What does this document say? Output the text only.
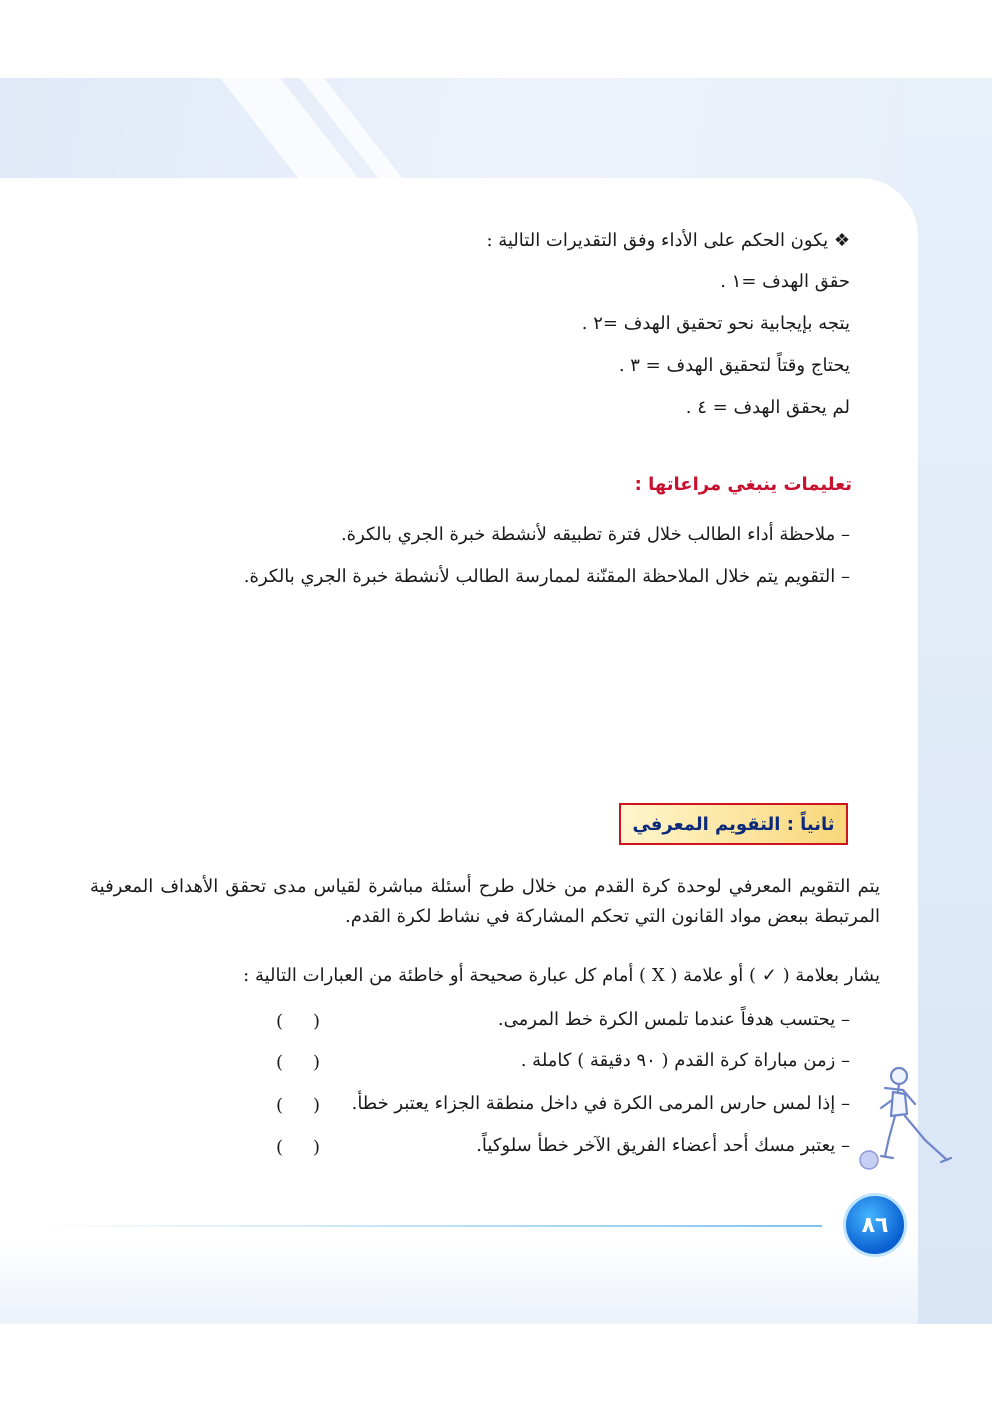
❖ يكون الحكم على الأداء وفق التقديرات التالية :
حقق الهدف =١ .
يتجه بإيجابية نحو تحقيق الهدف =٢ .
يحتاج وقتاً لتحقيق الهدف = ٣ .
لم يحقق الهدف = ٤ .
تعليمات ينبغي مراعاتها :
– ملاحظة أداء الطالب خلال فترة تطبيقه لأنشطة خبرة الجري بالكرة.
– التقويم يتم خلال الملاحظة المقنّنة لممارسة الطالب لأنشطة خبرة الجري بالكرة.
ثانياً : التقويم المعرفي
يتم التقويم المعرفي لوحدة كرة القدم من خلال طرح أسئلة مباشرة لقياس مدى تحقق الأهداف المعرفية المرتبطة ببعض مواد القانون التي تحكم المشاركة في نشاط لكرة القدم.
يشار بعلامة ( ✓ ) أو علامة ( X ) أمام كل عبارة صحيحة أو خاطئة من العبارات التالية :
– يحتسب هدفاً عندما تلمس الكرة خط المرمى.
( )
– زمن مباراة كرة القدم ( ٩٠ دقيقة ) كاملة .
( )
– إذا لمس حارس المرمى الكرة في داخل منطقة الجزاء يعتبر خطأ.
( )
– يعتبر مسك أحد أعضاء الفريق الآخر خطأ سلوكياً.
( )
٨٦
